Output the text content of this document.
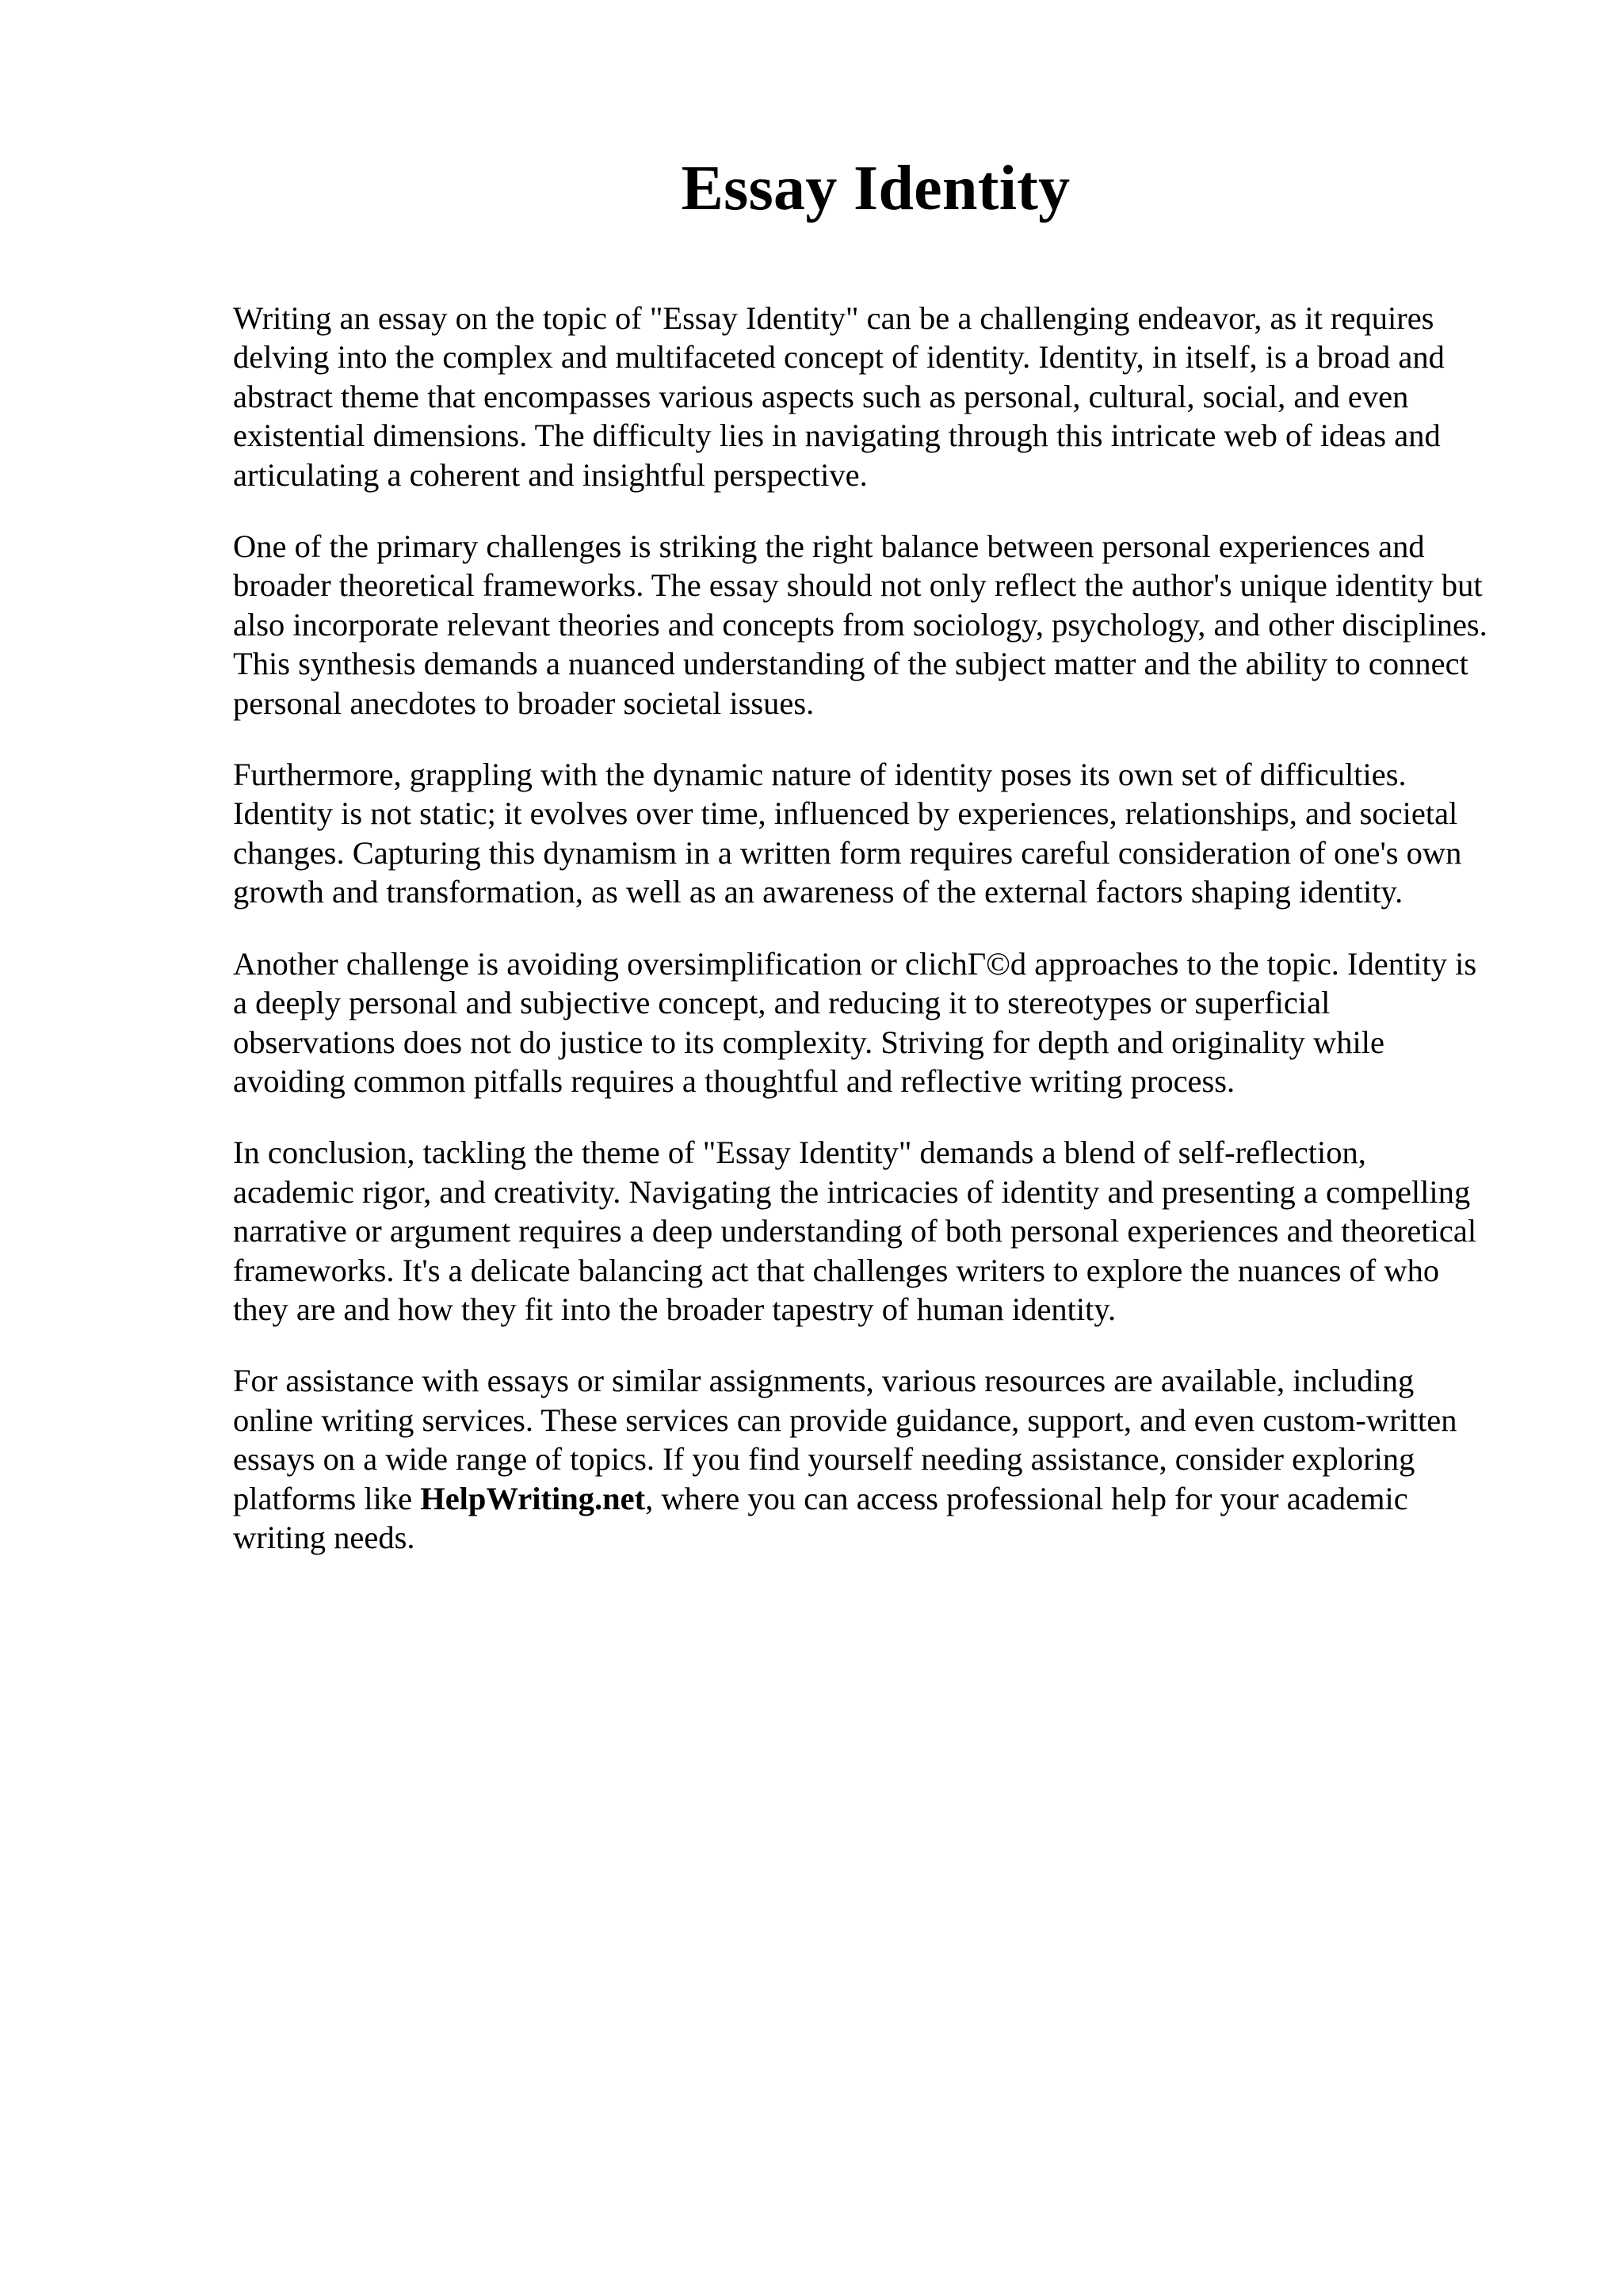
Essay Identity

Writing an essay on the topic of "Essay Identity" can be a challenging endeavor, as it requires
delving into the complex and multifaceted concept of identity. Identity, in itself, is a broad and
abstract theme that encompasses various aspects such as personal, cultural, social, and even
existential dimensions. The difficulty lies in navigating through this intricate web of ideas and
articulating a coherent and insightful perspective.

One of the primary challenges is striking the right balance between personal experiences and
broader theoretical frameworks. The essay should not only reflect the author's unique identity but
also incorporate relevant theories and concepts from sociology, psychology, and other disciplines.
This synthesis demands a nuanced understanding of the subject matter and the ability to connect
personal anecdotes to broader societal issues.

Furthermore, grappling with the dynamic nature of identity poses its own set of difficulties.
Identity is not static; it evolves over time, influenced by experiences, relationships, and societal
changes. Capturing this dynamism in a written form requires careful consideration of one's own
growth and transformation, as well as an awareness of the external factors shaping identity.

Another challenge is avoiding oversimplification or clichΓ©d approaches to the topic. Identity is
a deeply personal and subjective concept, and reducing it to stereotypes or superficial
observations does not do justice to its complexity. Striving for depth and originality while
avoiding common pitfalls requires a thoughtful and reflective writing process.

In conclusion, tackling the theme of "Essay Identity" demands a blend of self-reflection,
academic rigor, and creativity. Navigating the intricacies of identity and presenting a compelling
narrative or argument requires a deep understanding of both personal experiences and theoretical
frameworks. It's a delicate balancing act that challenges writers to explore the nuances of who
they are and how they fit into the broader tapestry of human identity.

For assistance with essays or similar assignments, various resources are available, including
online writing services. These services can provide guidance, support, and even custom-written
essays on a wide range of topics. If you find yourself needing assistance, consider exploring
platforms like HelpWriting.net, where you can access professional help for your academic
writing needs.
